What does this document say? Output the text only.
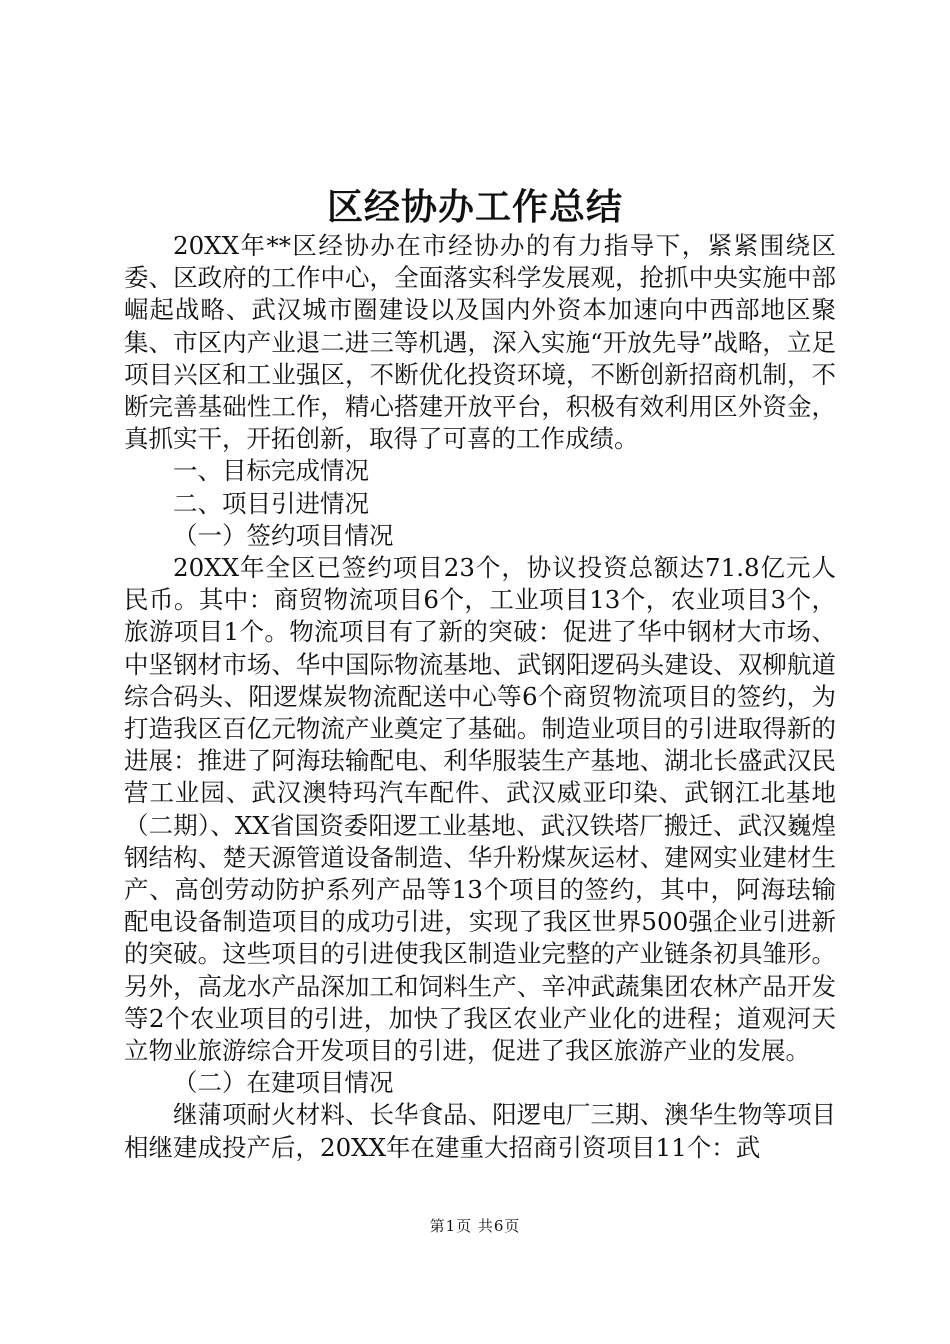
区经协办工作总结

20XX年**区经协办在市经协办的有力指导下，紧紧围绕区委、区政府的工作中心，全面落实科学发展观，抢抓中央实施中部崛起战略、武汉城市圈建设以及国内外资本加速向中西部地区聚集、市区内产业退二进三等机遇，深入实施“开放先导”战略，立足项目兴区和工业强区，不断优化投资环境，不断创新招商机制，不断完善基础性工作，精心搭建开放平台，积极有效利用区外资金，真抓实干，开拓创新，取得了可喜的工作成绩。

一、目标完成情况

二、项目引进情况

（一）签约项目情况

20XX年全区已签约项目23个，协议投资总额达71.8亿元人民币。其中：商贸物流项目6个，工业项目13个，农业项目3个，旅游项目1个。物流项目有了新的突破：促进了华中钢材大市场、中坚钢材市场、华中国际物流基地、武钢阳逻码头建设、双柳航道综合码头、阳逻煤炭物流配送中心等6个商贸物流项目的签约，为打造我区百亿元物流产业奠定了基础。制造业项目的引进取得新的进展：推进了阿海珐输配电、利华服装生产基地、湖北长盛武汉民营工业园、武汉澳特玛汽车配件、武汉威亚印染、武钢江北基地（二期）、XX省国资委阳逻工业基地、武汉铁塔厂搬迁、武汉巍煌钢结构、楚天源管道设备制造、华升粉煤灰运材、建网实业建材生产、高创劳动防护系列产品等13个项目的签约，其中，阿海珐输配电设备制造项目的成功引进，实现了我区世界500强企业引进新的突破。这些项目的引进使我区制造业完整的产业链条初具雏形。另外，高龙水产品深加工和饲料生产、辛冲武蔬集团农林产品开发等2个农业项目的引进，加快了我区农业产业化的进程；道观河天立物业旅游综合开发项目的引进，促进了我区旅游产业的发展。

（二）在建项目情况

继蒲项耐火材料、长华食品、阳逻电厂三期、澳华生物等项目相继建成投产后，20XX年在建重大招商引资项目11个：武

第1页 共6页
